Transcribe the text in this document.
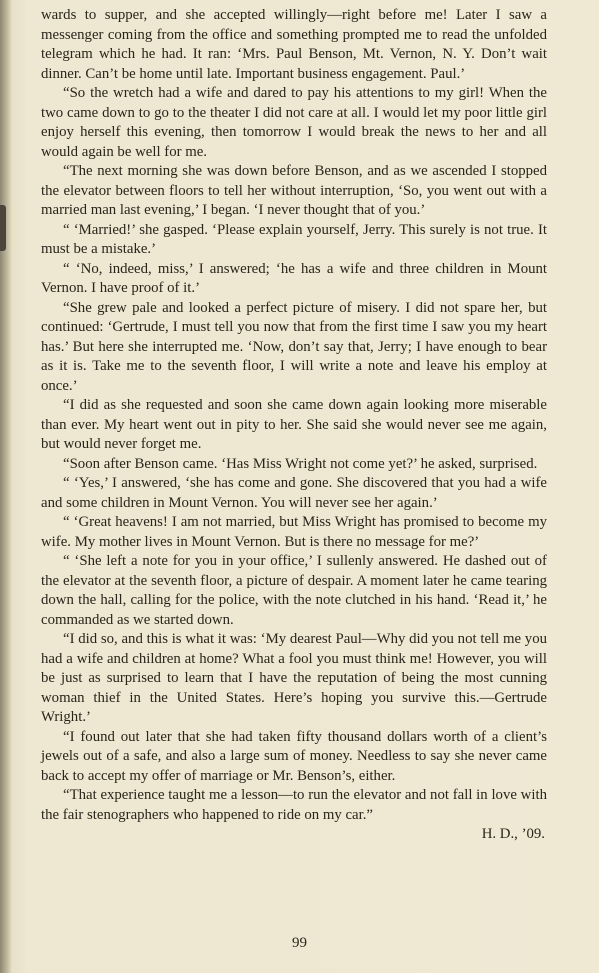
wards to supper, and she accepted willingly—right before me! Later I saw a messenger coming from the office and something prompted me to read the unfolded telegram which he had. It ran: ‘Mrs. Paul Benson, Mt. Vernon, N. Y. Don’t wait dinner. Can’t be home until late. Important business engagement. Paul.’

“So the wretch had a wife and dared to pay his attentions to my girl! When the two came down to go to the theater I did not care at all. I would let my poor little girl enjoy herself this evening, then tomorrow I would break the news to her and all would again be well for me.

“The next morning she was down before Benson, and as we ascended I stopped the elevator between floors to tell her without interruption, ‘So, you went out with a married man last evening,’ I began. ‘I never thought that of you.’

“ ‘Married!’ she gasped. ‘Please explain yourself, Jerry. This surely is not true. It must be a mistake.’

“ ‘No, indeed, miss,’ I answered; ‘he has a wife and three children in Mount Vernon. I have proof of it.’

“She grew pale and looked a perfect picture of misery. I did not spare her, but continued: ‘Gertrude, I must tell you now that from the first time I saw you my heart has.’ But here she interrupted me. ‘Now, don’t say that, Jerry; I have enough to bear as it is. Take me to the seventh floor, I will write a note and leave his employ at once.’

“I did as she requested and soon she came down again looking more miserable than ever. My heart went out in pity to her. She said she would never see me again, but would never forget me.

“Soon after Benson came. ‘Has Miss Wright not come yet?’ he asked, surprised.

“ ‘Yes,’ I answered, ‘she has come and gone. She discovered that you had a wife and some children in Mount Vernon. You will never see her again.’

“ ‘Great heavens! I am not married, but Miss Wright has promised to become my wife. My mother lives in Mount Vernon. But is there no message for me?’

“ ‘She left a note for you in your office,’ I sullenly answered. He dashed out of the elevator at the seventh floor, a picture of despair. A moment later he came tearing down the hall, calling for the police, with the note clutched in his hand. ‘Read it,’ he commanded as we started down.

“I did so, and this is what it was: ‘My dearest Paul—Why did you not tell me you had a wife and children at home? What a fool you must think me! However, you will be just as surprised to learn that I have the reputation of being the most cunning woman thief in the United States. Here’s hoping you survive this.—Gertrude Wright.’

“I found out later that she had taken fifty thousand dollars worth of a client’s jewels out of a safe, and also a large sum of money. Needless to say she never came back to accept my offer of marriage or Mr. Benson’s, either.

“That experience taught me a lesson—to run the elevator and not fall in love with the fair stenographers who happened to ride on my car.”

H. D., ’09.

99
